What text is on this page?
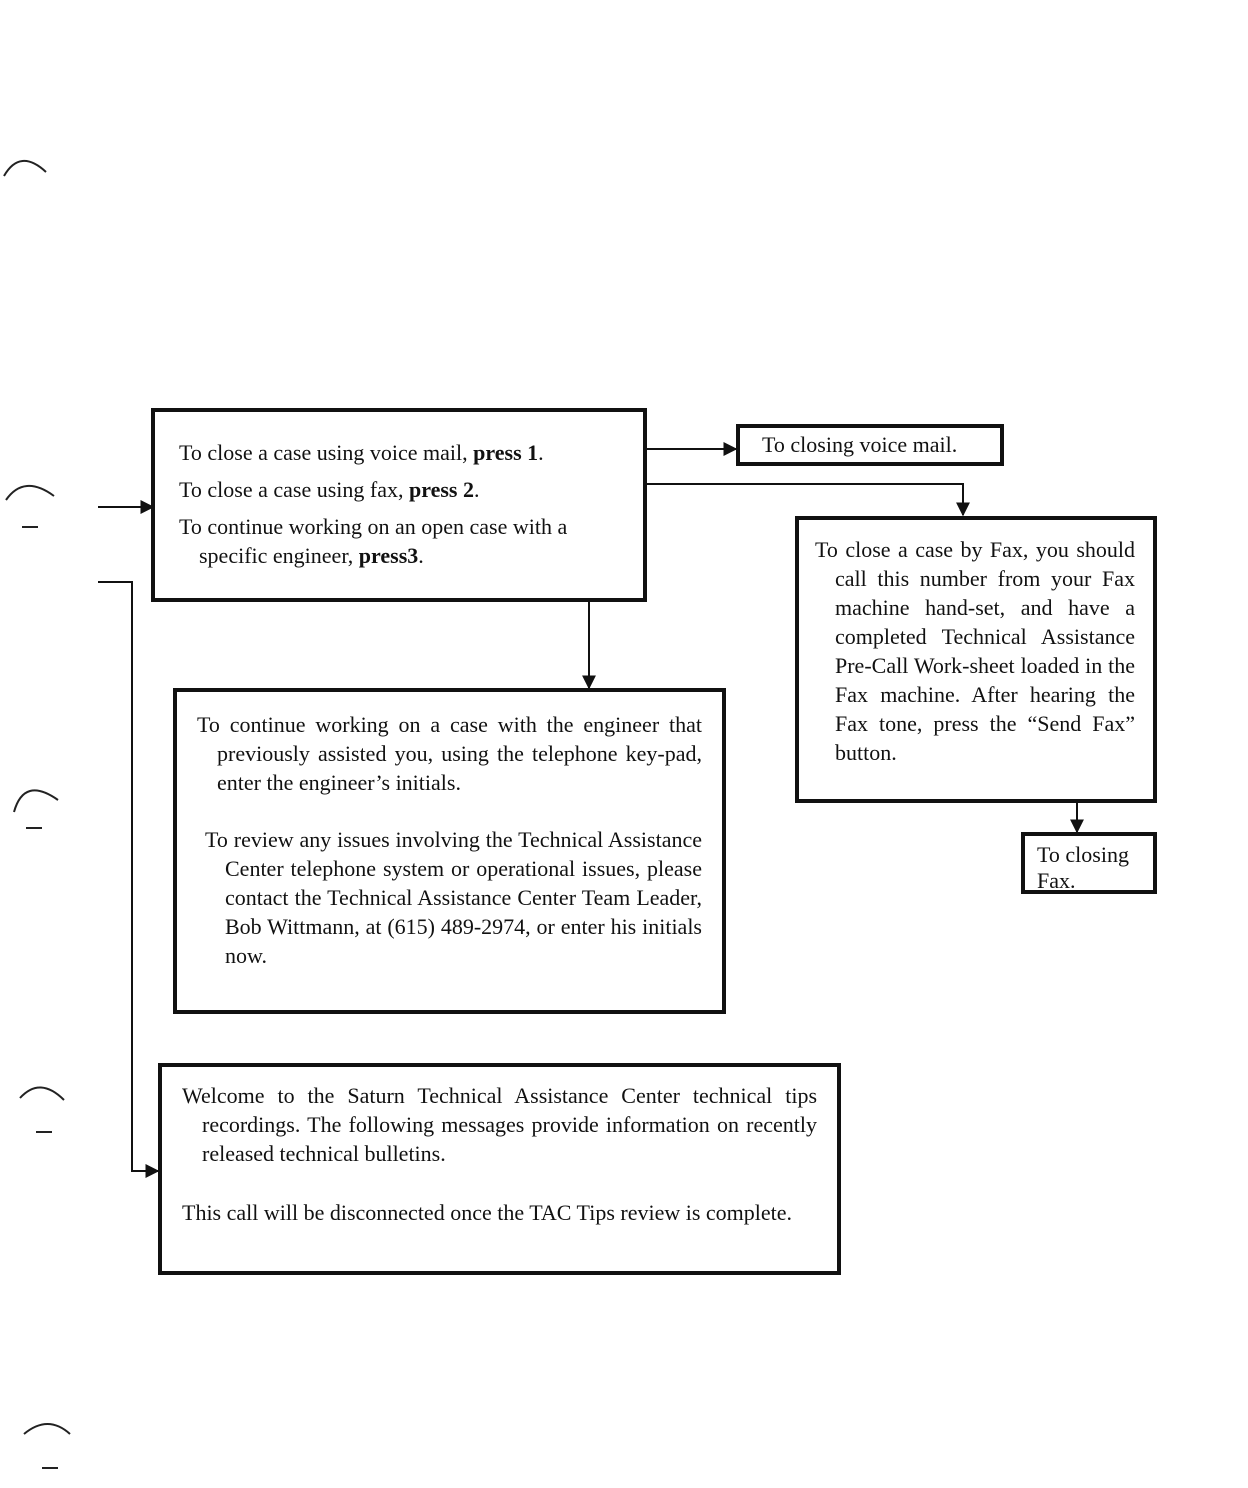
To close a case using voice mail, press 1.

To close a case using fax, press 2.

To continue working on an open case with a specific engineer, press3.

To closing voice mail.

To close a case by Fax, you should call this number from your Fax machine hand-set, and have a completed Technical Assistance Pre-Call Work-sheet loaded in the Fax machine. After hearing the Fax tone, press the “Send Fax” button.

To closing Fax.

To continue working on a case with the engineer that previously assisted you, using the telephone key-pad, enter the engineer’s initials.

To review any issues involving the Technical Assistance Center telephone system or operational issues, please contact the Technical Assistance Center Team Leader, Bob Wittmann, at (615) 489-2974, or enter his initials now.

Welcome to the Saturn Technical Assistance Center technical tips recordings. The following messages provide information on recently released technical bulletins.

This call will be disconnected once the TAC Tips review is complete.
